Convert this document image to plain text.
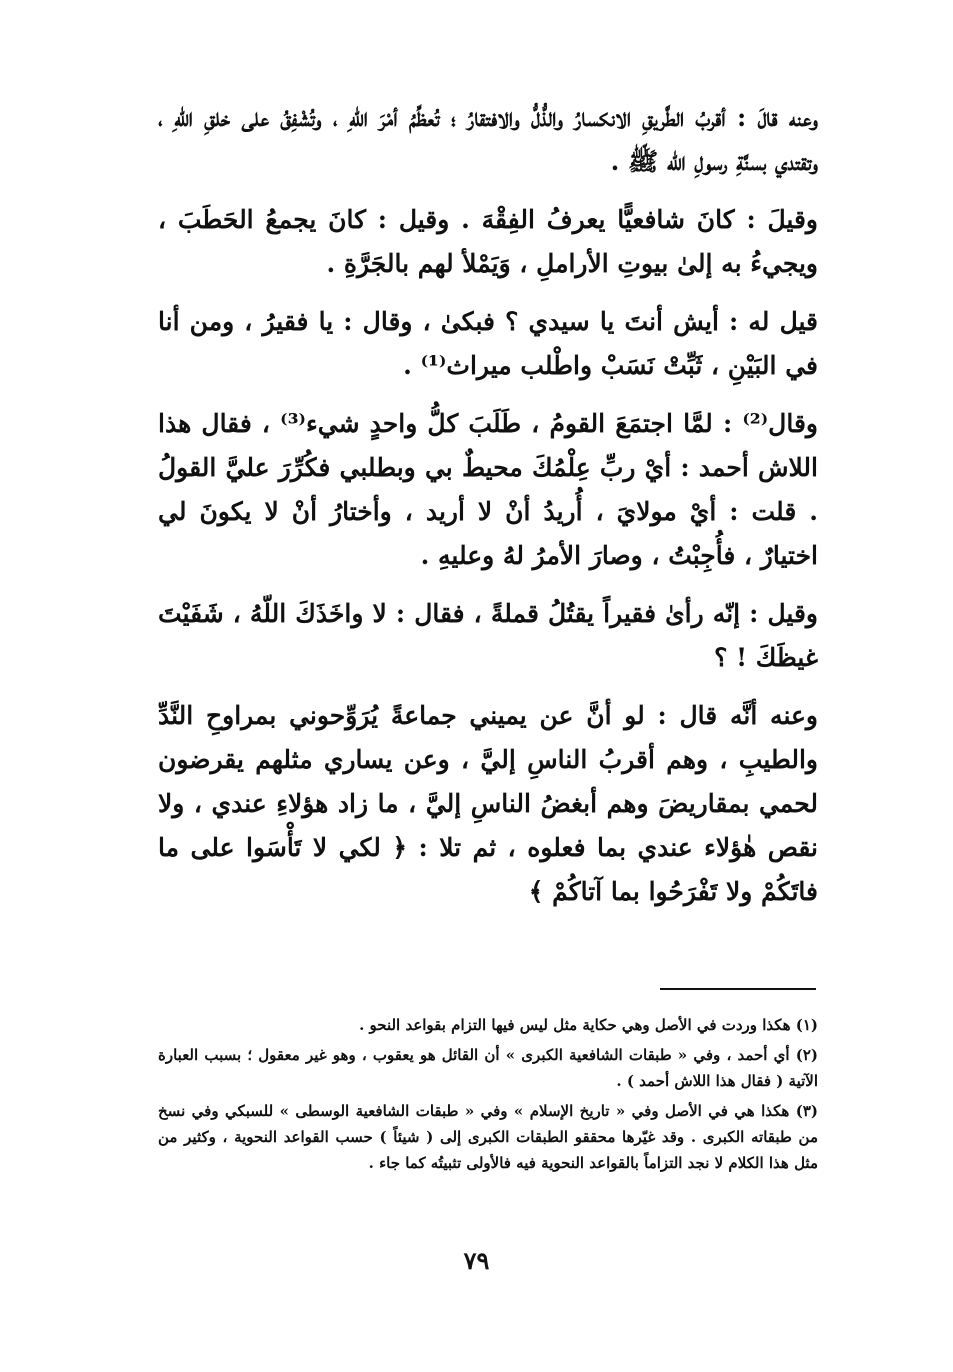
وعنه قالَ : أقربُ الطَّريقِ الانكسارُ والذُّلُّ والافتقارُ ؛ تُعظِّمُ أمْرَ اللهِ ، وتُشْفِقُ على خلقِ اللّهِ ، وتقتدي بسنَّةِ رسولِ الله ﷺ .

وقيلَ : كانَ شافعيًّا يعرفُ الفِقْهَ . وقيل : كانَ يجمعُ الحَطَبَ ، ويجيءُ به إلىٰ بيوتِ الأراملِ ، وَيَمْلأ لهم بالجَرَّةِ .

قيل له : أيش أنتَ يا سيدي ؟ فبكىٰ ، وقال : يا فقيرُ ، ومن أنا في البَيْنِ ، ثَبِّتْ نَسَبْ واطْلب ميراث⁽¹⁾ .

وقال⁽²⁾ : لمَّا اجتمَعَ القومُ ، طَلَبَ كلُّ واحدٍ شيء⁽³⁾ ، فقال هذا اللاش أحمد : أيْ ربِّ عِلْمُكَ محيطٌ بي وبطلبي فكُرِّرَ عليَّ القولُ . قلت : أيْ مولايَ ، أُريدُ أنْ لا أريد ، وأختارُ أنْ لا يكونَ لي اختيارٌ ، فأُجِبْتُ ، وصارَ الأمرُ لهُ وعليهِ .

وقيل : إنّه رأىٰ فقيراً يقتُلُ قملةً ، فقال : لا واخَذَكَ اللّهُ ، شَفَيْتَ غيظَكَ ! ؟

وعنه أنَّه قال : لو أنَّ عن يميني جماعةً يُرَوِّحوني بمراوحِ النَّدِّ والطيبِ ، وهم أقربُ الناسِ إليَّ ، وعن يساري مثلهم يقرضون لحمي بمقاريضَ وهم أبغضُ الناسِ إليَّ ، ما زاد هؤلاءِ عندي ، ولا نقص هٰؤلاء عندي بما فعلوه ، ثم تلا : ﴿ لكي لا تَأْسَوا على ما فاتَكُمْ ولا تَفْرَحُوا بما آتاكُمْ ﴾

(١) هكذا وردت في الأصل وهي حكاية مثل ليس فيها التزام بقواعد النحو .

(٢) أي أحمد ، وفي « طبقات الشافعية الكبرى » أن القائل هو يعقوب ، وهو غير معقول ؛ بسبب العبارة الآتية ( فقال هذا اللاش أحمد ) .

(٣) هكذا هي في الأصل وفي « تاريخ الإسلام » وفي « طبقات الشافعية الوسطى » للسبكي وفي نسخ من طبقاته الكبرى . وقد غيّرها محققو الطبقات الكبرى إلى ( شيئاً ) حسب القواعد النحوية ، وكثير من مثل هذا الكلام لا نجد التزاماً بالقواعد النحوية فيه فالأولى تثبيتُه كما جاء .

٧٩
